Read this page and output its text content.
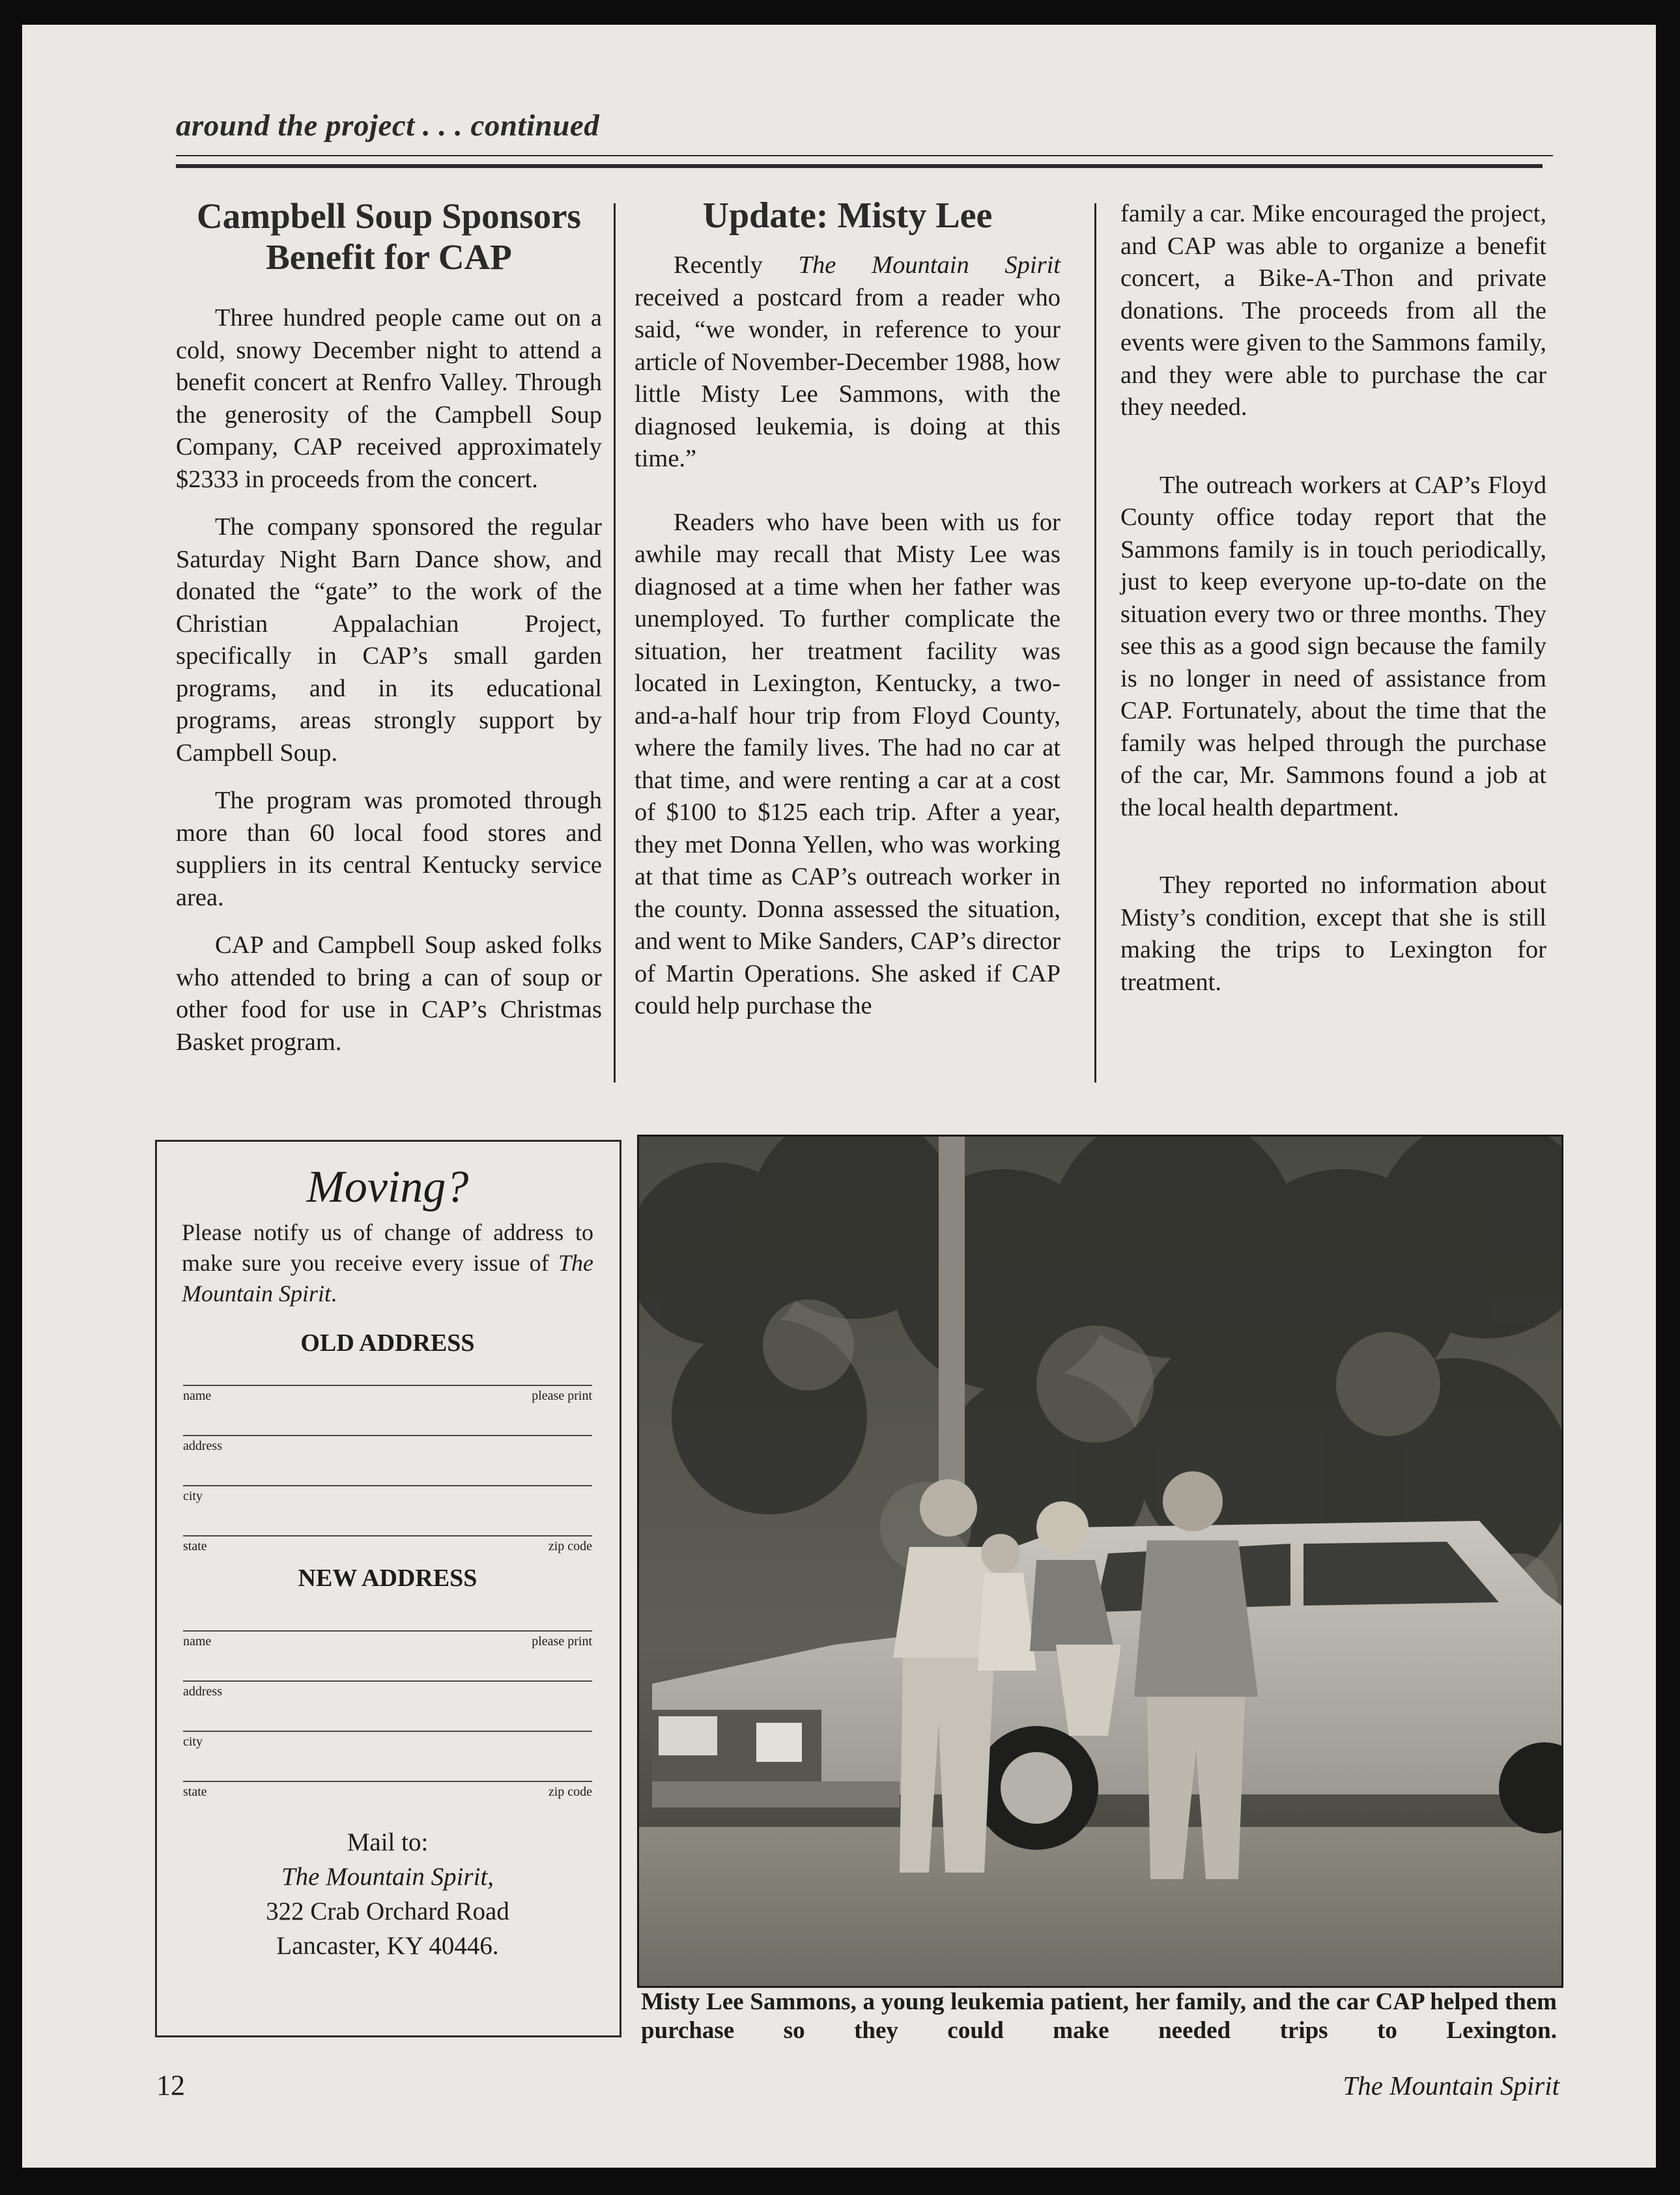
around the project . . . continued
Campbell Soup Sponsors
Benefit for CAP

Three hundred people came out on a cold, snowy December night to attend a benefit concert at Renfro Valley. Through the generosity of the Campbell Soup Company, CAP received approximately $2333 in proceeds from the concert.

The company sponsored the regular Saturday Night Barn Dance show, and donated the “gate” to the work of the Christian Appalachian Project, specifically in CAP’s small garden programs, and in its educational programs, areas strongly support by Campbell Soup.

The program was promoted through more than 60 local food stores and suppliers in its central Kentucky service area.

CAP and Campbell Soup asked folks who attended to bring a can of soup or other food for use in CAP’s Christmas Basket program.

Update: Misty Lee

Recently The Mountain Spirit received a postcard from a reader who said, “we wonder, in reference to your article of November-December 1988, how little Misty Lee Sammons, with the diagnosed leukemia, is doing at this time.”

Readers who have been with us for awhile may recall that Misty Lee was diagnosed at a time when her father was unemployed. To further complicate the situation, her treatment facility was located in Lexington, Kentucky, a two-and-a-half hour trip from Floyd County, where the family lives. The had no car at that time, and were renting a car at a cost of $100 to $125 each trip. After a year, they met Donna Yellen, who was working at that time as CAP’s outreach worker in the county. Donna assessed the situation, and went to Mike Sanders, CAP’s director of Martin Operations. She asked if CAP could help purchase the

family a car. Mike encouraged the project, and CAP was able to organize a benefit concert, a Bike-A-Thon and private donations. The proceeds from all the events were given to the Sammons family, and they were able to purchase the car they needed.

The outreach workers at CAP’s Floyd County office today report that the Sammons family is in touch periodically, just to keep everyone up-to-date on the situation every two or three months. They see this as a good sign because the family is no longer in need of assistance from CAP. Fortunately, about the time that the family was helped through the purchase of the car, Mr. Sammons found a job at the local health department.

They reported no information about Misty’s condition, except that she is still making the trips to Lexington for treatment.

Moving?
Please notify us of change of address to make sure you receive every issue of The Mountain Spirit.
OLD ADDRESS
name	please print
address
city
state	zip code
NEW ADDRESS
name	please print
address
city
state	zip code
Mail to:
The Mountain Spirit,
322 Crab Orchard Road
Lancaster, KY 40446.
Misty Lee Sammons, a young leukemia patient, her family, and the car CAP helped them purchase so they could make needed trips to Lexington.
12	The Mountain Spirit
